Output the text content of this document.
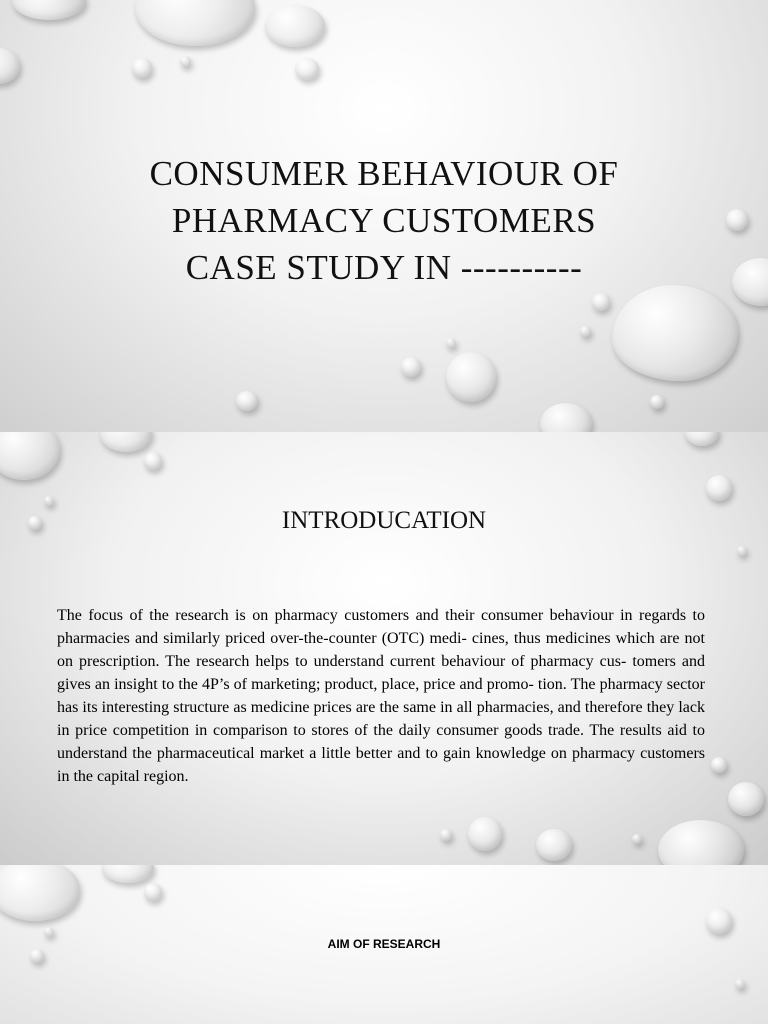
CONSUMER BEHAVIOUR OF
PHARMACY CUSTOMERS
CASE STUDY IN ----------
INTRODUCATION

The focus of the research is on pharmacy customers and their consumer behaviour in regards to pharmacies and similarly priced over-the-counter (OTC) medi- cines, thus medicines which are not on prescription. The research helps to understand current behaviour of pharmacy cus- tomers and gives an insight to the 4P’s of marketing; product, place, price and promo- tion. The pharmacy sector has its interesting structure as medicine prices are the same in all pharmacies, and therefore they lack in price competition in comparison to stores of the daily consumer goods trade. The results aid to understand the pharmaceutical market a little better and to gain knowledge on pharmacy customers in the capital region.

AIM OF RESEARCH
